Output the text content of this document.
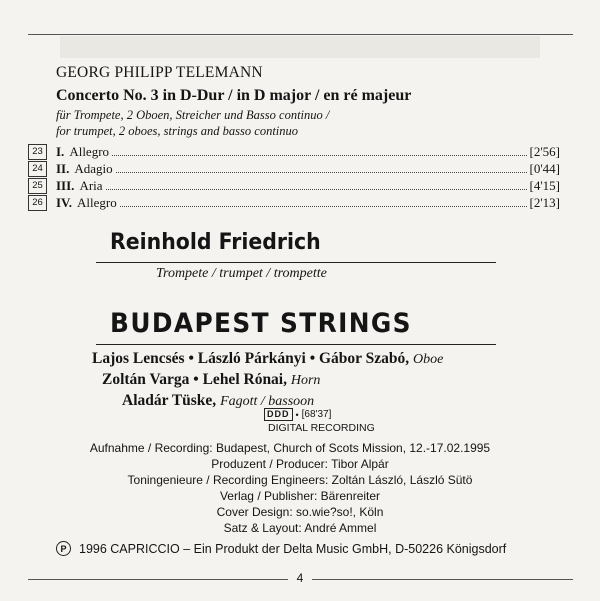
GEORG PHILIPP TELEMANN
Concerto No. 3 in D-Dur / in D major / en ré majeur
für Trompete, 2 Oboen, Streicher und Basso continuo /
for trumpet, 2 oboes, strings and basso continuo
23	I. Allegro	[2'56]
24	II. Adagio	[0'44]
25	III. Aria	[4'15]
26	IV. Allegro	[2'13]
Reinhold Friedrich
Trompete / trumpet / trompette
BUDAPEST STRINGS
Lajos Lencsés • László Párkányi • Gábor Szabó, Oboe
Zoltán Varga • Lehel Rónai, Horn
Aladár Tüske, Fagott / bassoon
DDD • [68'37]
DIGITAL RECORDING
Aufnahme / Recording: Budapest, Church of Scots Mission, 12.-17.02.1995
Produzent / Producer: Tibor Alpár
Toningenieure / Recording Engineers: Zoltán László, László Sütö
Verlag / Publisher: Bärenreiter
Cover Design: so.wie?so!, Köln
Satz & Layout: André Ammel
P	1996 CAPRICCIO – Ein Produkt der Delta Music GmbH, D-50226 Königsdorf
4
